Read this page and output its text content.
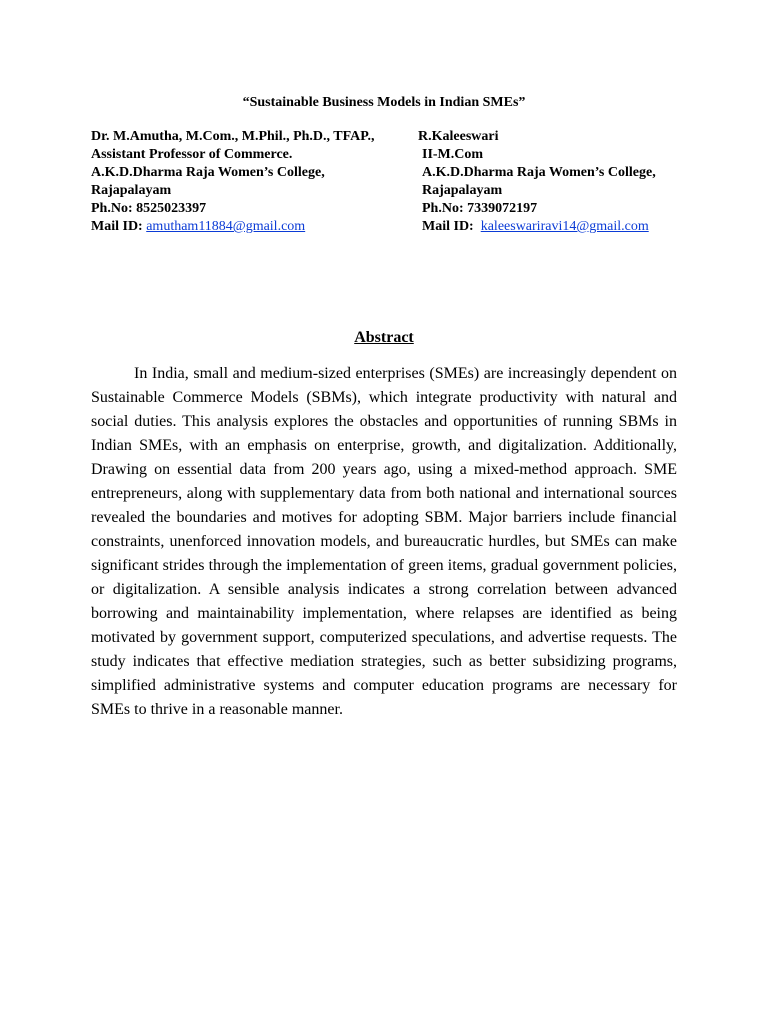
“Sustainable Business Models in Indian SMEs”
Dr. M.Amutha, M.Com., M.Phil., Ph.D., TFAP.,
Assistant Professor of Commerce.
A.K.D.Dharma Raja Women’s College,
Rajapalayam
Ph.No: 8525023397
Mail ID: amutham11884@gmail.com
R.Kaleeswari
II-M.Com
A.K.D.Dharma Raja Women’s College,
Rajapalayam
Ph.No: 7339072197
Mail ID: kaleeswariravi14@gmail.com
Abstract

In India, small and medium-sized enterprises (SMEs) are increasingly dependent on Sustainable Commerce Models (SBMs), which integrate productivity with natural and social duties. This analysis explores the obstacles and opportunities of running SBMs in Indian SMEs, with an emphasis on enterprise, growth, and digitalization. Additionally, Drawing on essential data from 200 years ago, using a mixed-method approach. SME entrepreneurs, along with supplementary data from both national and international sources revealed the boundaries and motives for adopting SBM. Major barriers include financial constraints, unenforced innovation models, and bureaucratic hurdles, but SMEs can make significant strides through the implementation of green items, gradual government policies, or digitalization. A sensible analysis indicates a strong correlation between advanced borrowing and maintainability implementation, where relapses are identified as being motivated by government support, computerized speculations, and advertise requests. The study indicates that effective mediation strategies, such as better subsidizing programs, simplified administrative systems and computer education programs are necessary for SMEs to thrive in a reasonable manner.
